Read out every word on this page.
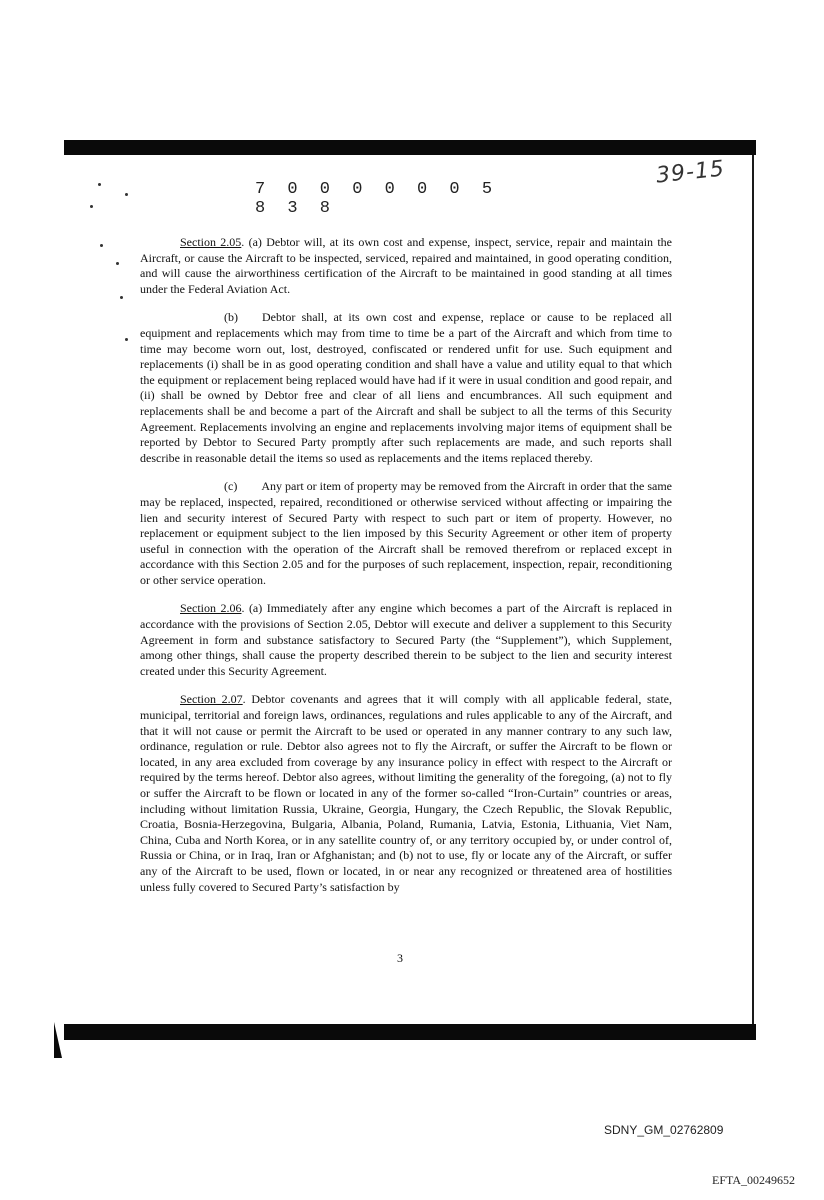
7 0 0 0 0 0 0 5 8 3 8
39-15

Section 2.05. (a) Debtor will, at its own cost and expense, inspect, service, repair and maintain the Aircraft, or cause the Aircraft to be inspected, serviced, repaired and maintained, in good operating condition, and will cause the airworthiness certification of the Aircraft to be maintained in good standing at all times under the Federal Aviation Act.

(b)  Debtor shall, at its own cost and expense, replace or cause to be replaced all equipment and replacements which may from time to time be a part of the Aircraft and which from time to time may become worn out, lost, destroyed, confiscated or rendered unfit for use. Such equipment and replacements (i) shall be in as good operating condition and shall have a value and utility equal to that which the equipment or replacement being replaced would have had if it were in usual condition and good repair, and (ii) shall be owned by Debtor free and clear of all liens and encumbrances. All such equipment and replacements shall be and become a part of the Aircraft and shall be subject to all the terms of this Security Agreement. Replacements involving an engine and replacements involving major items of equipment shall be reported by Debtor to Secured Party promptly after such replacements are made, and such reports shall describe in reasonable detail the items so used as replacements and the items replaced thereby.

(c)  Any part or item of property may be removed from the Aircraft in order that the same may be replaced, inspected, repaired, reconditioned or otherwise serviced without affecting or impairing the lien and security interest of Secured Party with respect to such part or item of property. However, no replacement or equipment subject to the lien imposed by this Security Agreement or other item of property useful in connection with the operation of the Aircraft shall be removed therefrom or replaced except in accordance with this Section 2.05 and for the purposes of such replacement, inspection, repair, reconditioning or other service operation.

Section 2.06. (a) Immediately after any engine which becomes a part of the Aircraft is replaced in accordance with the provisions of Section 2.05, Debtor will execute and deliver a supplement to this Security Agreement in form and substance satisfactory to Secured Party (the “Supplement”), which Supplement, among other things, shall cause the property described therein to be subject to the lien and security interest created under this Security Agreement.

Section 2.07. Debtor covenants and agrees that it will comply with all applicable federal, state, municipal, territorial and foreign laws, ordinances, regulations and rules applicable to any of the Aircraft, and that it will not cause or permit the Aircraft to be used or operated in any manner contrary to any such law, ordinance, regulation or rule. Debtor also agrees not to fly the Aircraft, or suffer the Aircraft to be flown or located, in any area excluded from coverage by any insurance policy in effect with respect to the Aircraft or required by the terms hereof. Debtor also agrees, without limiting the generality of the foregoing, (a) not to fly or suffer the Aircraft to be flown or located in any of the former so-called “Iron-Curtain” countries or areas, including without limitation Russia, Ukraine, Georgia, Hungary, the Czech Republic, the Slovak Republic, Croatia, Bosnia-Herzegovina, Bulgaria, Albania, Poland, Rumania, Latvia, Estonia, Lithuania, Viet Nam, China, Cuba and North Korea, or in any satellite country of, or any territory occupied by, or under control of, Russia or China, or in Iraq, Iran or Afghanistan; and (b) not to use, fly or locate any of the Aircraft, or suffer any of the Aircraft to be used, flown or located, in or near any recognized or threatened area of hostilities unless fully covered to Secured Party’s satisfaction by

3
SDNY_GM_02762809
EFTA_00249652
